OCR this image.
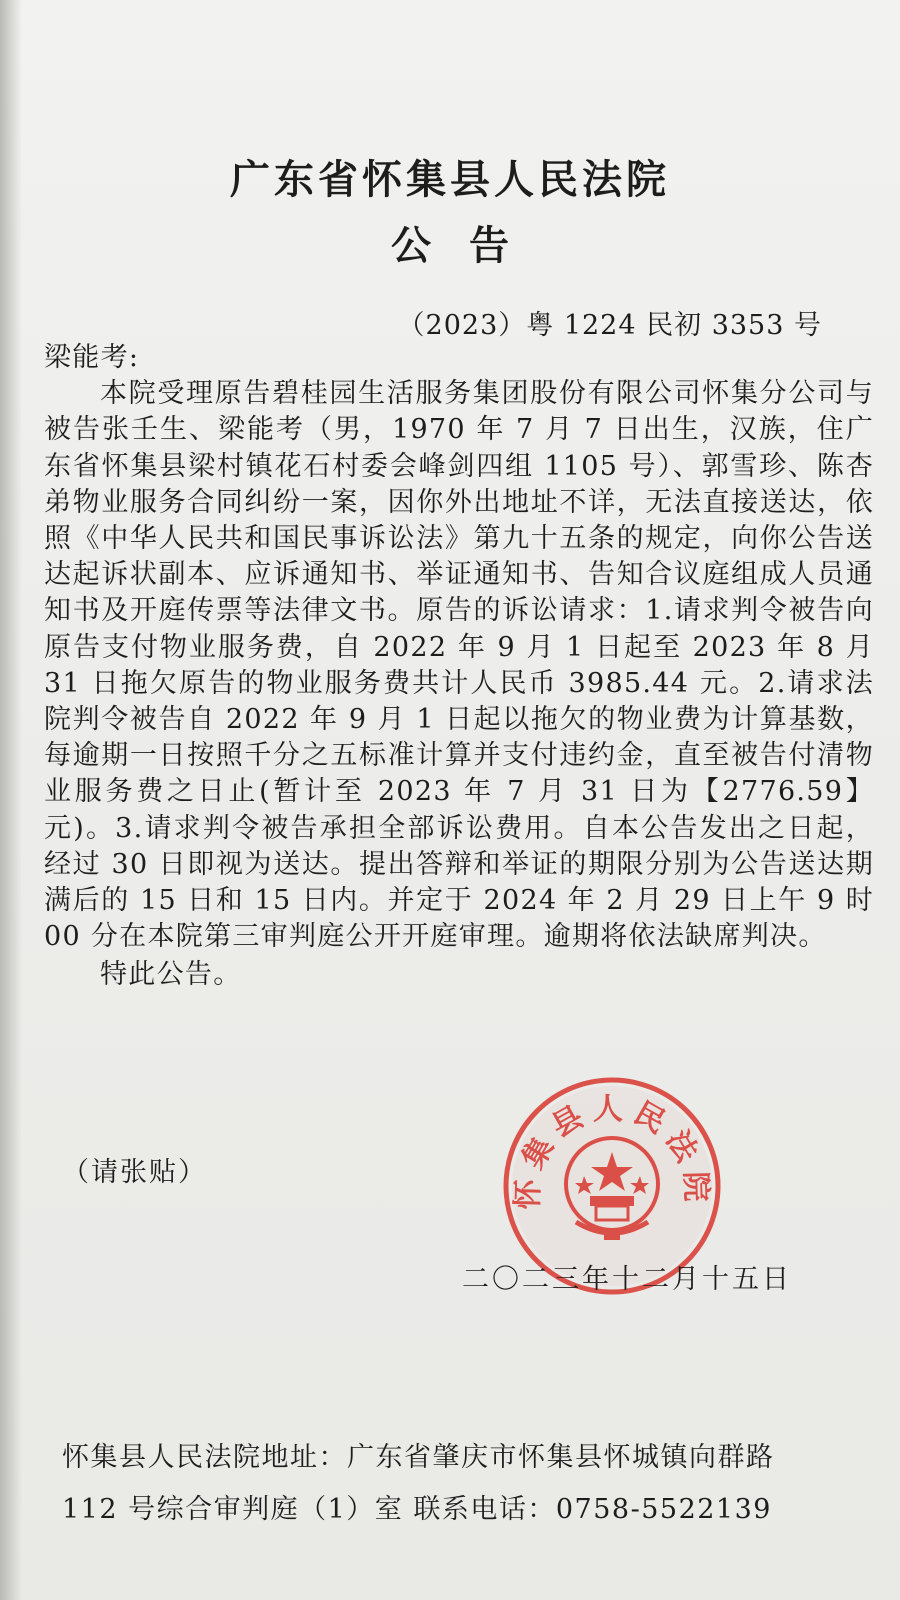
广东省怀集县人民法院
公告
（2023）粤 1224 民初 3353 号

梁能考:

本院受理原告碧桂园生活服务集团股份有限公司怀集分公司与被告张壬生、梁能考（男，1970 年 7 月 7 日出生，汉族，住广东省怀集县梁村镇花石村委会峰剑四组 1105 号）、郭雪珍、陈杏弟物业服务合同纠纷一案，因你外出地址不详，无法直接送达，依照《中华人民共和国民事诉讼法》第九十五条的规定，向你公告送达起诉状副本、应诉通知书、举证通知书、告知合议庭组成人员通知书及开庭传票等法律文书。原告的诉讼请求：1.请求判令被告向原告支付物业服务费，自 2022 年 9 月 1 日起至 2023 年 8 月 31 日拖欠原告的物业服务费共计人民币 3985.44 元。2.请求法院判令被告自 2022 年 9 月 1 日起以拖欠的物业费为计算基数，每逾期一日按照千分之五标准计算并支付违约金，直至被告付清物业服务费之日止(暂计至 2023 年 7 月 31 日为【2776.59】元)。3.请求判令被告承担全部诉讼费用。自本公告发出之日起，经过 30 日即视为送达。提出答辩和举证的期限分别为公告送达期满后的 15 日和 15 日内。并定于 2024 年 2 月 29 日上午 9 时 00 分在本院第三审判庭公开开庭审理。逾期将依法缺席判决。

特此公告。

（请张贴）	怀集县人民法院
二〇二三年十二月十五日
怀集县人民法院地址：广东省肇庆市怀集县怀城镇向群路
112 号综合审判庭（1）室 联系电话：0758-5522139
